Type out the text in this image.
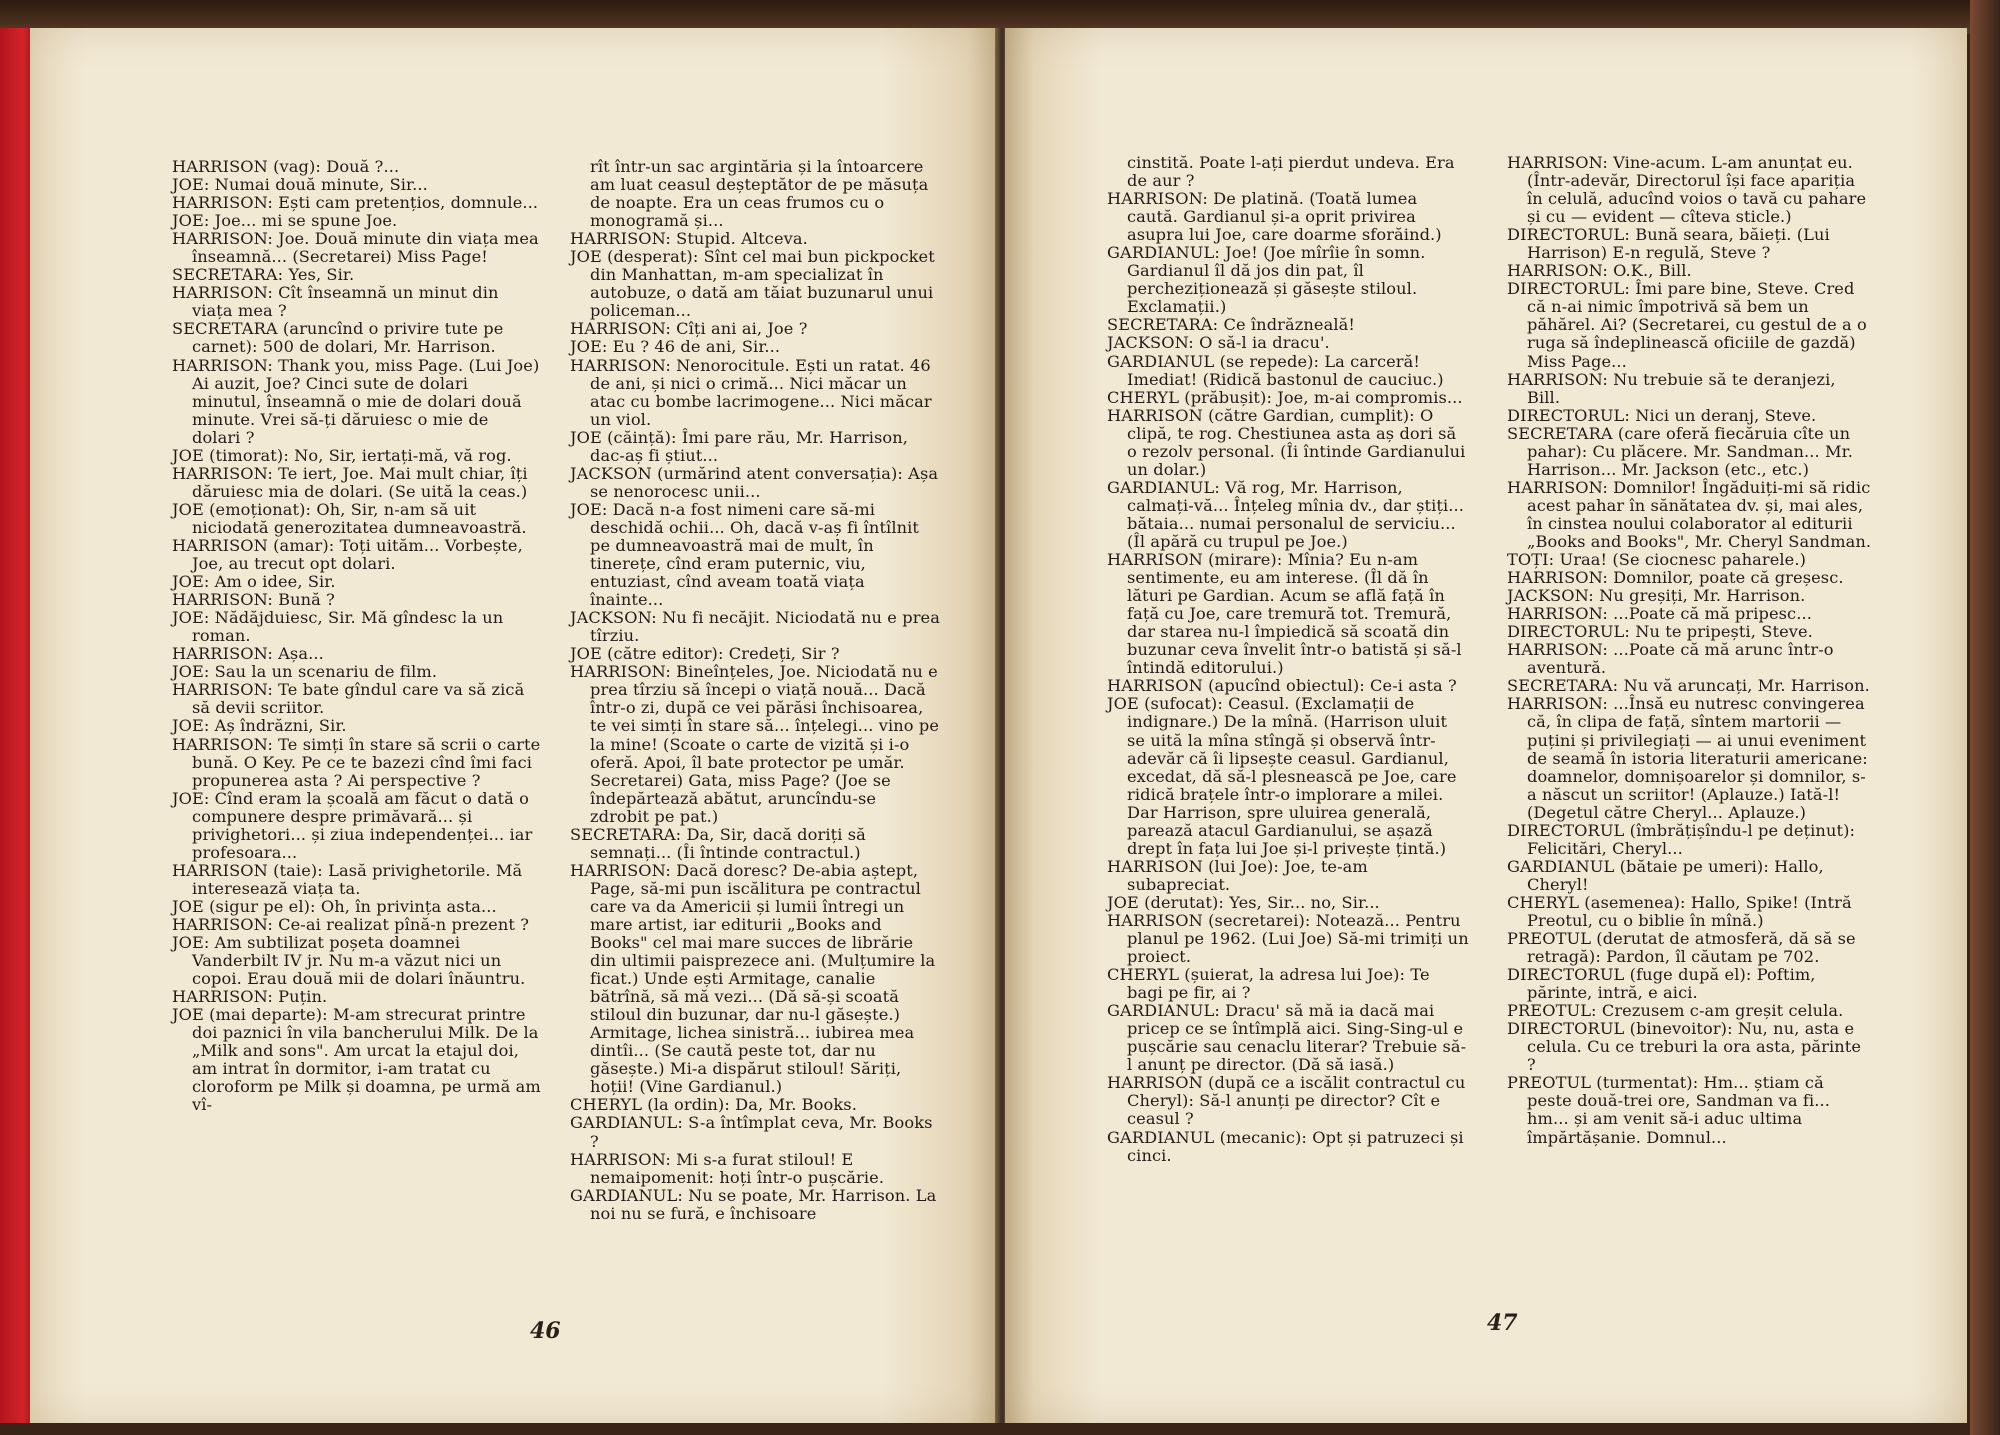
HARRISON (vag): Două ?...

JOE: Numai două minute, Sir...

HARRISON: Ești cam pretențios, domnule...

JOE: Joe... mi se spune Joe.

HARRISON: Joe. Două minute din viața mea înseamnă... (Secretarei) Miss Page!

SECRETARA: Yes, Sir.

HARRISON: Cît înseamnă un minut din viața mea ?

SECRETARA (aruncînd o privire tute pe carnet): 500 de dolari, Mr. Harrison.

HARRISON: Thank you, miss Page. (Lui Joe) Ai auzit, Joe? Cinci sute de dolari minutul, înseamnă o mie de dolari două minute. Vrei să-ți dăruiesc o mie de dolari ?

JOE (timorat): No, Sir, iertați-mă, vă rog.

HARRISON: Te iert, Joe. Mai mult chiar, îți dăruiesc mia de dolari. (Se uită la ceas.)

JOE (emoționat): Oh, Sir, n-am să uit niciodată generozitatea dumneavoastră.

HARRISON (amar): Toți uităm... Vorbește, Joe, au trecut opt dolari.

JOE: Am o idee, Sir.

HARRISON: Bună ?

JOE: Nădăjduiesc, Sir. Mă gîndesc la un roman.

HARRISON: Așa...

JOE: Sau la un scenariu de film.

HARRISON: Te bate gîndul care va să zică să devii scriitor.

JOE: Aș îndrăzni, Sir.

HARRISON: Te simți în stare să scrii o carte bună. O Key. Pe ce te bazezi cînd îmi faci propunerea asta ? Ai perspective ?

JOE: Cînd eram la școală am făcut o dată o compunere despre primăvară... și privighetori... și ziua independenței... iar profesoara...

HARRISON (taie): Lasă privighetorile. Mă interesează viața ta.

JOE (sigur pe el): Oh, în privința asta...

HARRISON: Ce-ai realizat pînă-n prezent ?

JOE: Am subtilizat poșeta doamnei Vanderbilt IV jr. Nu m-a văzut nici un copoi. Erau două mii de dolari înăuntru.

HARRISON: Puțin.

JOE (mai departe): M-am strecurat printre doi paznici în vila bancherului Milk. De la „Milk and sons". Am urcat la etajul doi, am intrat în dormitor, i-am tratat cu cloroform pe Milk și doamna, pe urmă am vî-

rît într-un sac argintăria și la întoarcere am luat ceasul deșteptător de pe măsuța de noapte. Era un ceas frumos cu o monogramă și...

HARRISON: Stupid. Altceva.

JOE (desperat): Sînt cel mai bun pickpocket din Manhattan, m-am specializat în autobuze, o dată am tăiat buzunarul unui policeman...

HARRISON: Cîți ani ai, Joe ?

JOE: Eu ? 46 de ani, Sir...

HARRISON: Nenorocitule. Ești un ratat. 46 de ani, și nici o crimă... Nici măcar un atac cu bombe lacrimogene... Nici măcar un viol.

JOE (căință): Îmi pare rău, Mr. Harrison, dac-aș fi știut...

JACKSON (urmărind atent conversația): Așa se nenorocesc unii...

JOE: Dacă n-a fost nimeni care să-mi deschidă ochii... Oh, dacă v-aș fi întîlnit pe dumneavoastră mai de mult, în tinerețe, cînd eram puternic, viu, entuziast, cînd aveam toată viața înainte...

JACKSON: Nu fi necăjit. Niciodată nu e prea tîrziu.

JOE (către editor): Credeți, Sir ?

HARRISON: Bineînțeles, Joe. Niciodată nu e prea tîrziu să începi o viață nouă... Dacă într-o zi, după ce vei părăsi închisoarea, te vei simți în stare să... înțelegi... vino pe la mine! (Scoate o carte de vizită și i-o oferă. Apoi, îl bate protector pe umăr. Secretarei) Gata, miss Page? (Joe se îndepărtează abătut, aruncîndu-se zdrobit pe pat.)

SECRETARA: Da, Sir, dacă doriți să semnați... (Îi întinde contractul.)

HARRISON: Dacă doresc? De-abia aștept, Page, să-mi pun iscălitura pe contractul care va da Americii și lumii întregi un mare artist, iar editurii „Books and Books" cel mai mare succes de librărie din ultimii paisprezece ani. (Mulțumire la ficat.) Unde ești Armitage, canalie bătrînă, să mă vezi... (Dă să-și scoată stiloul din buzunar, dar nu-l găsește.) Armitage, lichea sinistră... iubirea mea dintîi... (Se caută peste tot, dar nu găsește.) Mi-a dispărut stiloul! Săriți, hoții! (Vine Gardianul.)

CHERYL (la ordin): Da, Mr. Books.

GARDIANUL: S-a întîmplat ceva, Mr. Books ?

HARRISON: Mi s-a furat stiloul! E nemaipomenit: hoți într-o pușcărie.

GARDIANUL: Nu se poate, Mr. Harrison. La noi nu se fură, e închisoare

46

cinstită. Poate l-ați pierdut undeva. Era de aur ?

HARRISON: De platină. (Toată lumea caută. Gardianul și-a oprit privirea asupra lui Joe, care doarme sforăind.)

GARDIANUL: Joe! (Joe mîrîie în somn. Gardianul îl dă jos din pat, îl percheziționează și găsește stiloul. Exclamații.)

SECRETARA: Ce îndrăzneală!

JACKSON: O să-l ia dracu'.

GARDIANUL (se repede): La carceră! Imediat! (Ridică bastonul de cauciuc.)

CHERYL (prăbușit): Joe, m-ai compromis...

HARRISON (către Gardian, cumplit): O clipă, te rog. Chestiunea asta aș dori să o rezolv personal. (Îi întinde Gardianului un dolar.)

GARDIANUL: Vă rog, Mr. Harrison, calmați-vă... Înțeleg mînia dv., dar știți... bătaia... numai personalul de serviciu... (Îl apără cu trupul pe Joe.)

HARRISON (mirare): Mînia? Eu n-am sentimente, eu am interese. (Îl dă în lături pe Gardian. Acum se află față în față cu Joe, care tremură tot. Tremură, dar starea nu-l împiedică să scoată din buzunar ceva învelit într-o batistă și să-l întindă editorului.)

HARRISON (apucînd obiectul): Ce-i asta ?

JOE (sufocat): Ceasul. (Exclamații de indignare.) De la mînă. (Harrison uluit se uită la mîna stîngă și observă într-adevăr că îi lipsește ceasul. Gardianul, excedat, dă să-l plesnească pe Joe, care ridică brațele într-o implorare a milei. Dar Harrison, spre uluirea generală, parează atacul Gardianului, se așază drept în fața lui Joe și-l privește țintă.)

HARRISON (lui Joe): Joe, te-am subapreciat.

JOE (derutat): Yes, Sir... no, Sir...

HARRISON (secretarei): Notează... Pentru planul pe 1962. (Lui Joe) Să-mi trimiți un proiect.

CHERYL (șuierat, la adresa lui Joe): Te bagi pe fir, ai ?

GARDIANUL: Dracu' să mă ia dacă mai pricep ce se întîmplă aici. Sing-Sing-ul e pușcărie sau cenaclu literar? Trebuie să-l anunț pe director. (Dă să iasă.)

HARRISON (după ce a iscălit contractul cu Cheryl): Să-l anunți pe director? Cît e ceasul ?

GARDIANUL (mecanic): Opt și patruzeci și cinci.

HARRISON: Vine-acum. L-am anunțat eu. (Într-adevăr, Directorul își face apariția în celulă, aducînd voios o tavă cu pahare și cu — evident — cîteva sticle.)

DIRECTORUL: Bună seara, băieți. (Lui Harrison) E-n regulă, Steve ?

HARRISON: O.K., Bill.

DIRECTORUL: Îmi pare bine, Steve. Cred că n-ai nimic împotrivă să bem un păhărel. Ai? (Secretarei, cu gestul de a o ruga să îndeplinească oficiile de gazdă) Miss Page...

HARRISON: Nu trebuie să te deranjezi, Bill.

DIRECTORUL: Nici un deranj, Steve.

SECRETARA (care oferă fiecăruia cîte un pahar): Cu plăcere. Mr. Sandman... Mr. Harrison... Mr. Jackson (etc., etc.)

HARRISON: Domnilor! Îngăduiți-mi să ridic acest pahar în sănătatea dv. și, mai ales, în cinstea noului colaborator al editurii „Books and Books", Mr. Cheryl Sandman.

TOȚI: Uraa! (Se ciocnesc paharele.)

HARRISON: Domnilor, poate că greșesc.

JACKSON: Nu greșiți, Mr. Harrison.

HARRISON: ...Poate că mă pripesc...

DIRECTORUL: Nu te pripești, Steve.

HARRISON: ...Poate că mă arunc într-o aventură.

SECRETARA: Nu vă aruncați, Mr. Harrison.

HARRISON: ...Însă eu nutresc convingerea că, în clipa de față, sîntem martorii — puțini și privilegiați — ai unui eveniment de seamă în istoria literaturii americane: doamnelor, domnișoarelor și domnilor, s-a născut un scriitor! (Aplauze.) Iată-l! (Degetul către Cheryl... Aplauze.)

DIRECTORUL (îmbrățișîndu-l pe deținut): Felicitări, Cheryl...

GARDIANUL (bătaie pe umeri): Hallo, Cheryl!

CHERYL (asemenea): Hallo, Spike! (Intră Preotul, cu o biblie în mînă.)

PREOTUL (derutat de atmosferă, dă să se retragă): Pardon, îl căutam pe 702.

DIRECTORUL (fuge după el): Poftim, părinte, intră, e aici.

PREOTUL: Crezusem c-am greșit celula.

DIRECTORUL (binevoitor): Nu, nu, asta e celula. Cu ce treburi la ora asta, părinte ?

PREOTUL (turmentat): Hm... știam că peste două-trei ore, Sandman va fi... hm... și am venit să-i aduc ultima împărtășanie. Domnul...

47
